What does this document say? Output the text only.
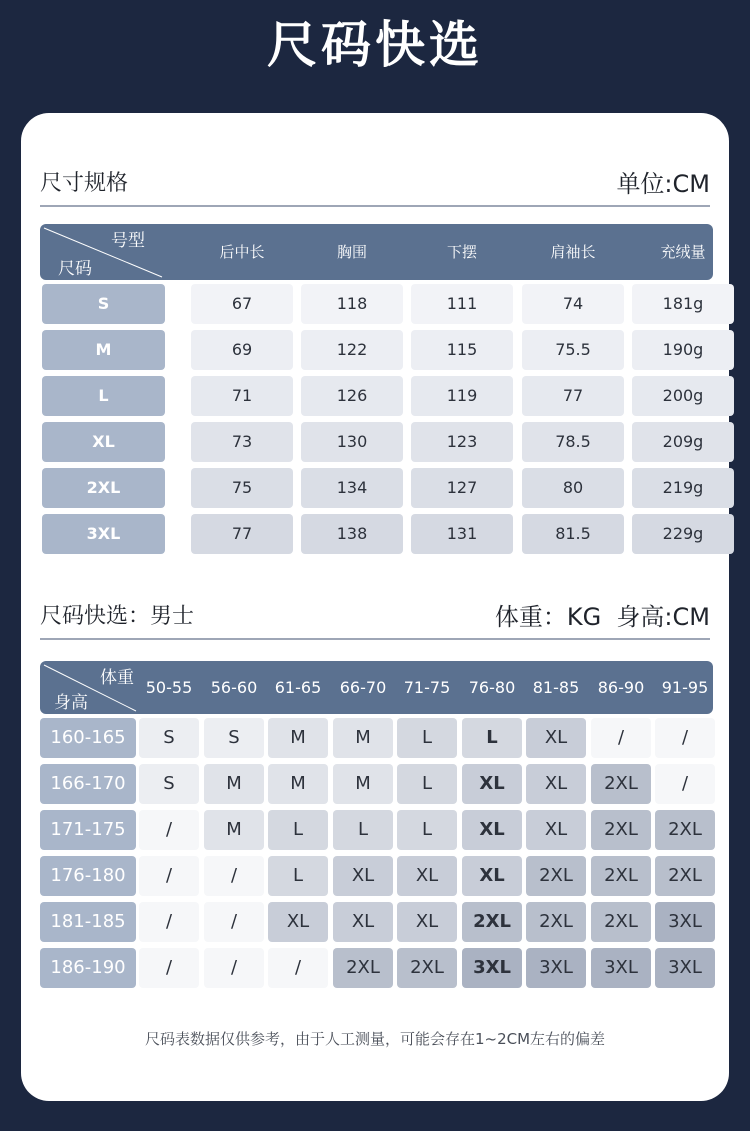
尺码快选
尺寸规格	单位:CM
号型
尺码
后中长	胸围	下摆	肩袖长	充绒量
S	67	118	111	74	181g
M	69	122	115	75.5	190g
L	71	126	119	77	200g
XL	73	130	123	78.5	209g
2XL	75	134	127	80	219g
3XL	77	138	131	81.5	229g
尺码快选：男士	体重：KG  身高:CM
体重
身高
50-55	56-60	61-65	66-70	71-75	76-80	81-85	86-90	91-95
160-165	S	S	M	M	L	L	XL	/	/
166-170	S	M	M	M	L	XL	XL	2XL	/
171-175	/	M	L	L	L	XL	XL	2XL	2XL
176-180	/	/	L	XL	XL	XL	2XL	2XL	2XL
181-185	/	/	XL	XL	XL	2XL	2XL	2XL	3XL
186-190	/	/	/	2XL	2XL	3XL	3XL	3XL	3XL
尺码表数据仅供参考，由于人工测量，可能会存在1~2CM左右的偏差
